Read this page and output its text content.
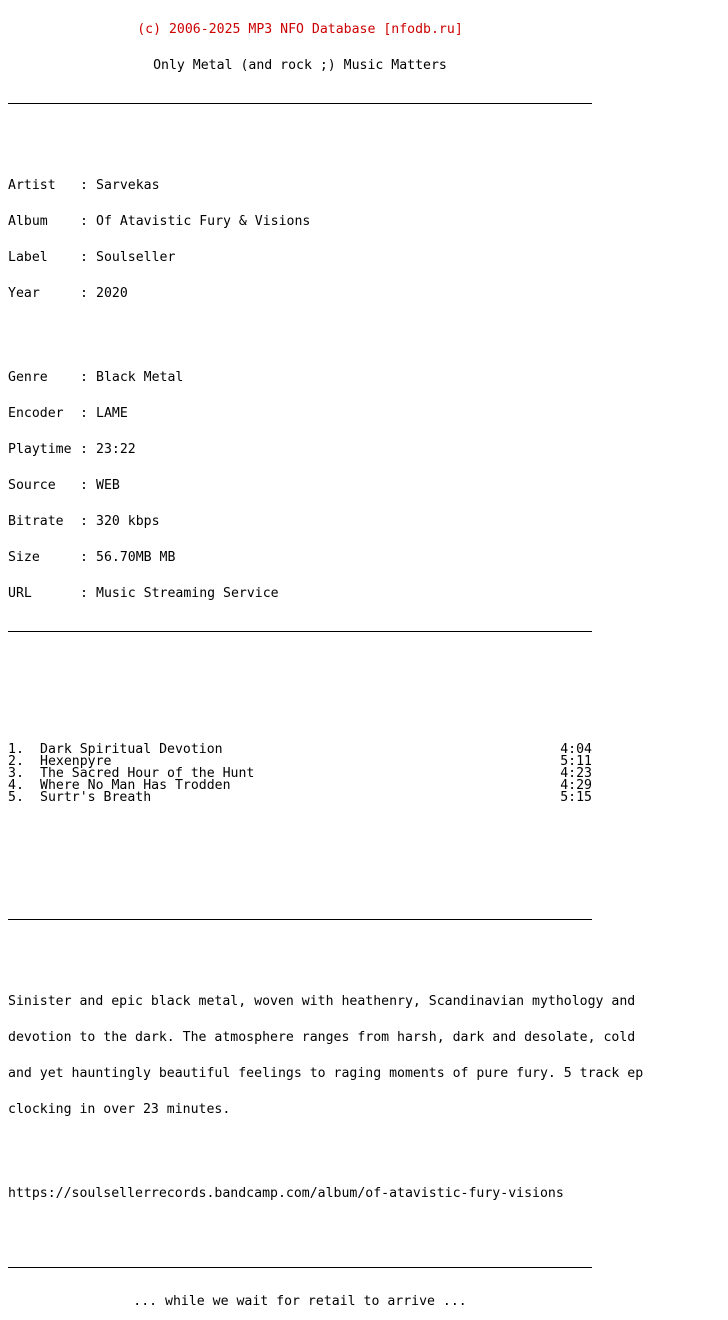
(c) 2006-2025 MP3 NFO Database [nfodb.ru]

Only Metal (and rock ;) Music Matters

Artist : Sarvekas

Album : Of Atavistic Fury & Visions

Label : Soulseller

Year	: 2020

Genre : Black Metal

Encoder : LAME

Playtime : 23:22

Source : WEB

Bitrate : 320 kbps

Size	: 56.70MB MB

URL	: Music Streaming Service

1. Dark Spiritual Devotion	4:04
2. Hexenpyre	5:11
3. The Sacred Hour of the Hunt	4:23
4. Where No Man Has Trodden	4:29
5. Surtr's Breath	5:15

Sinister and epic black metal, woven with heathenry, Scandinavian mythology and

devotion to the dark. The atmosphere ranges from harsh, dark and desolate, cold

and yet hauntingly beautiful feelings to raging moments of pure fury. 5 track ep

clocking in over 23 minutes.

https://soulsellerrecords.bandcamp.com/album/of-atavistic-fury-visions

... while we wait for retail to arrive ...
